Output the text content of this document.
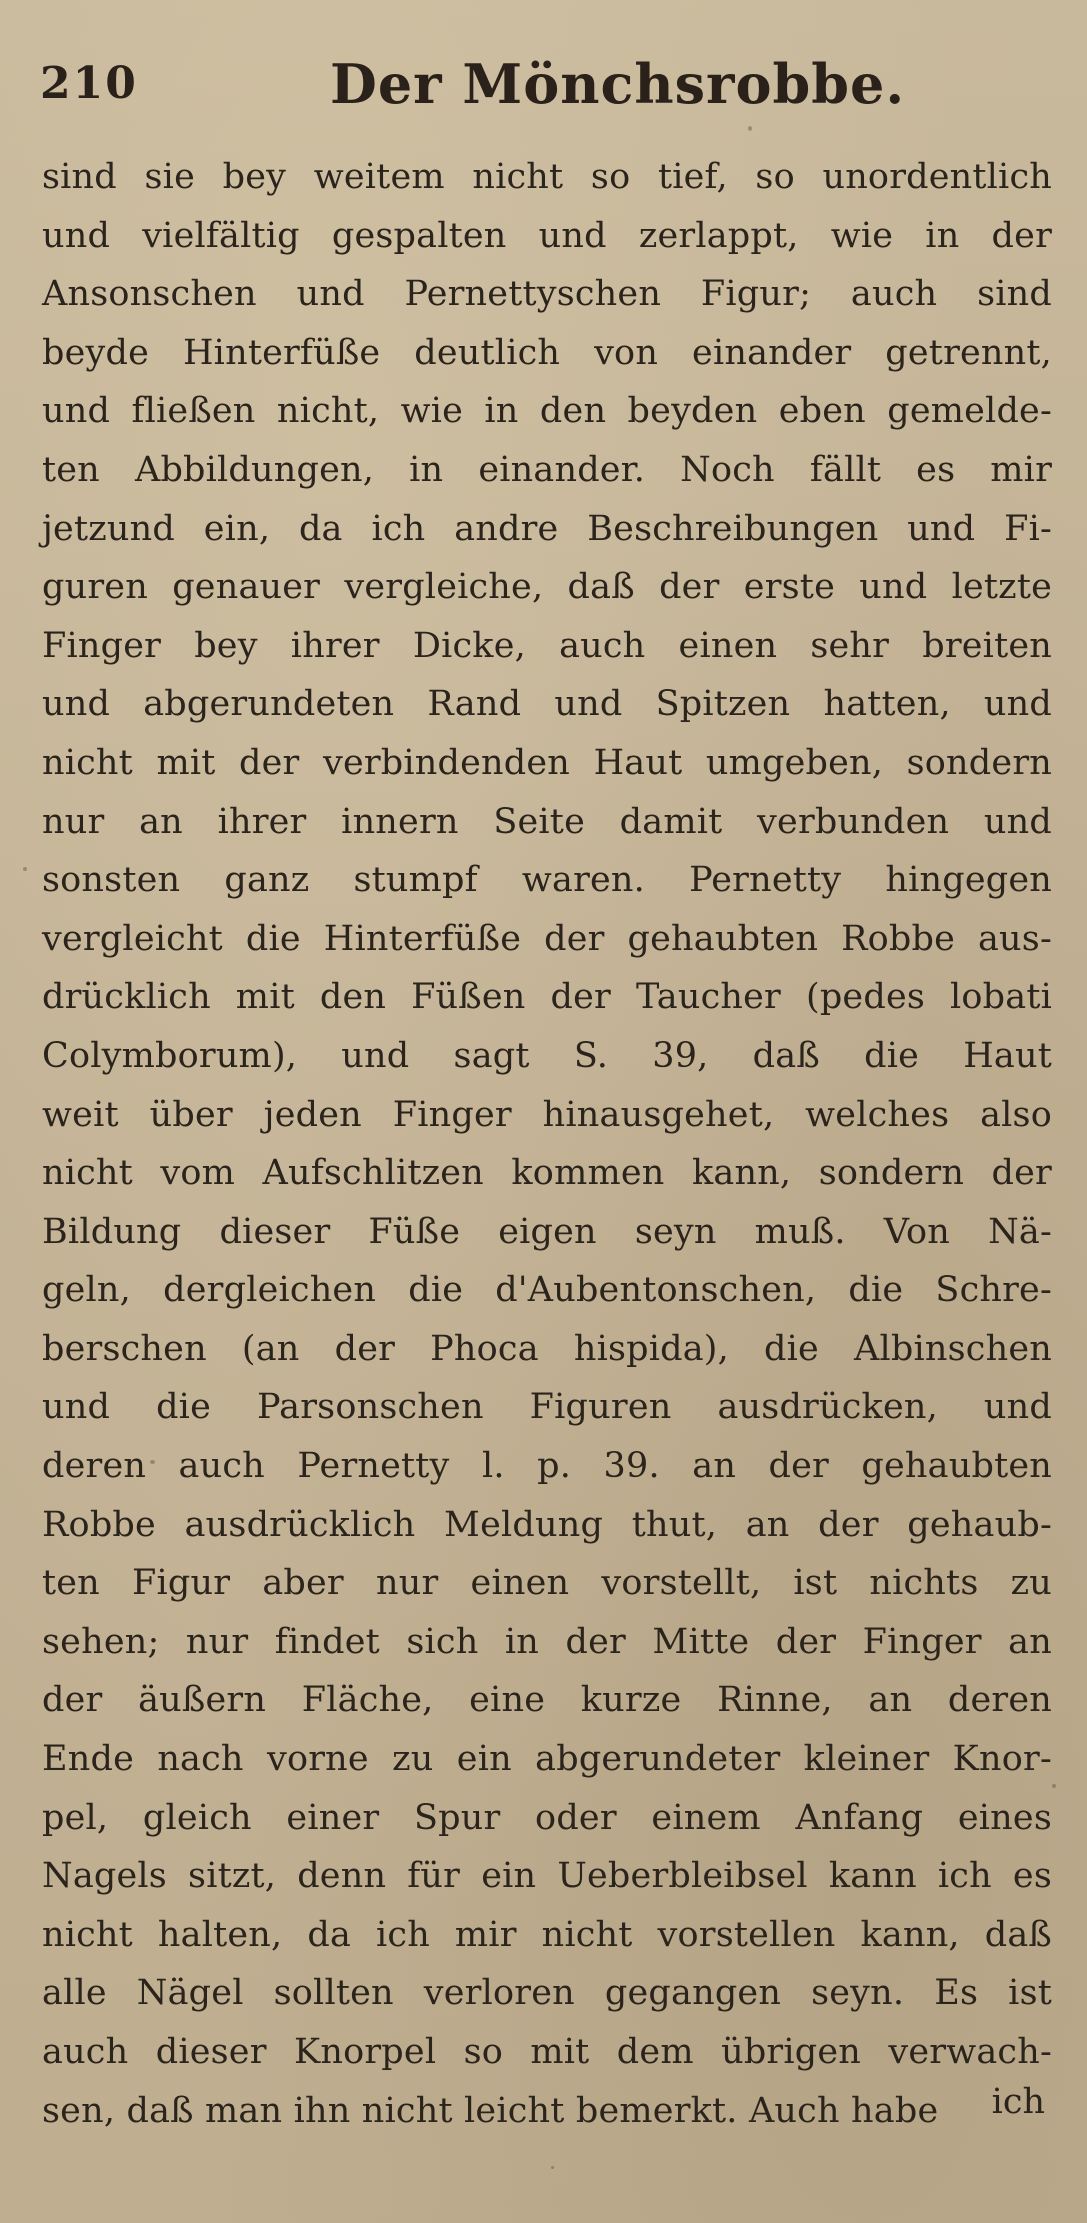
210	Der Mönchsrobbe.
sind sie bey weitem nicht so tief, so unordentlich
und vielfältig gespalten und zerlappt, wie in der
Ansonschen und Pernettyschen Figur; auch sind
beyde Hinterfüße deutlich von einander getrennt,
und fließen nicht, wie in den beyden eben gemelde-
ten Abbildungen, in einander. Noch fällt es mir
jetzund ein, da ich andre Beschreibungen und Fi-
guren genauer vergleiche, daß der erste und letzte
Finger bey ihrer Dicke, auch einen sehr breiten
und abgerundeten Rand und Spitzen hatten, und
nicht mit der verbindenden Haut umgeben, sondern
nur an ihrer innern Seite damit verbunden und
sonsten ganz stumpf waren. Pernetty hingegen
vergleicht die Hinterfüße der gehaubten Robbe aus-
drücklich mit den Füßen der Taucher (pedes lobati
Colymborum), und sagt S. 39, daß die Haut
weit über jeden Finger hinausgehet, welches also
nicht vom Aufschlitzen kommen kann, sondern der
Bildung dieser Füße eigen seyn muß. Von Nä-
geln, dergleichen die d'Aubentonschen, die Schre-
berschen (an der Phoca hispida), die Albinschen
und die Parsonschen Figuren ausdrücken, und
deren auch Pernetty l. p. 39. an der gehaubten
Robbe ausdrücklich Meldung thut, an der gehaub-
ten Figur aber nur einen vorstellt, ist nichts zu
sehen; nur findet sich in der Mitte der Finger an
der äußern Fläche, eine kurze Rinne, an deren
Ende nach vorne zu ein abgerundeter kleiner Knor-
pel, gleich einer Spur oder einem Anfang eines
Nagels sitzt, denn für ein Ueberbleibsel kann ich es
nicht halten, da ich mir nicht vorstellen kann, daß
alle Nägel sollten verloren gegangen seyn. Es ist
auch dieser Knorpel so mit dem übrigen verwach-
sen, daß man ihn nicht leicht bemerkt. Auch habe	ich
